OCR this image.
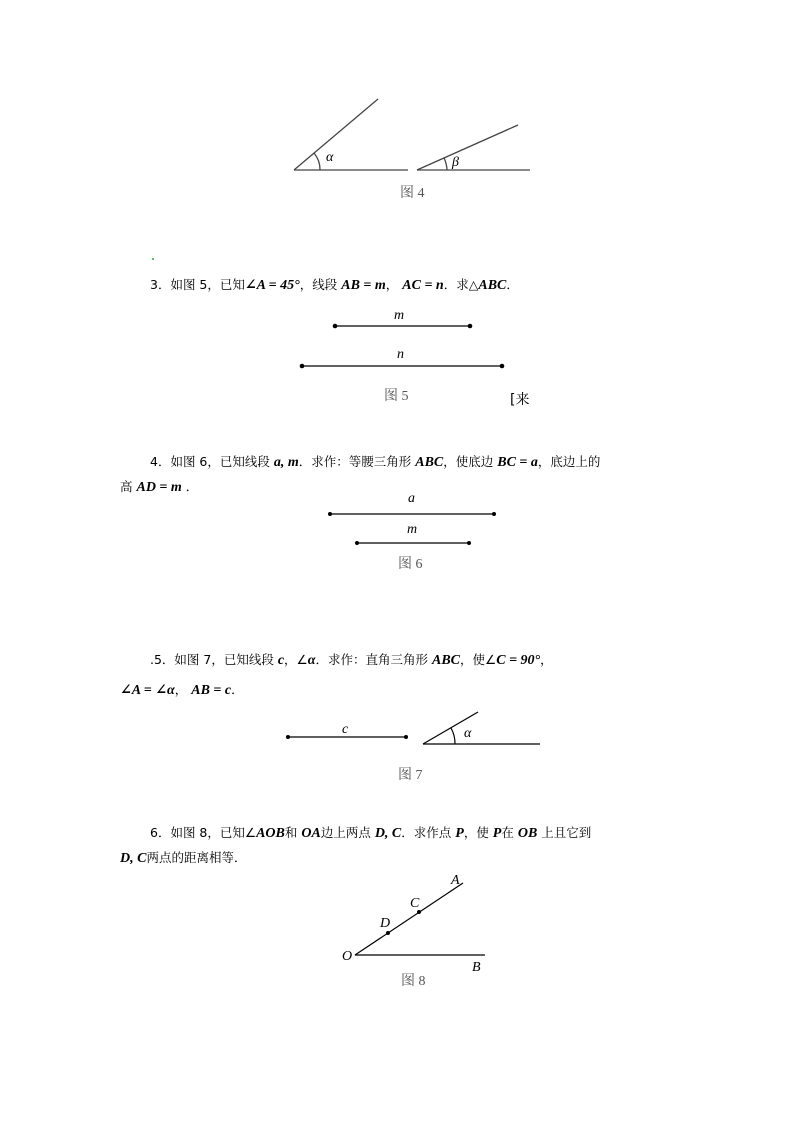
α	β
图 4
m
n
图 5	[来
a
m
图 6
c	α
图 7
A
C
D
O
B
图 8
3．如图 5，已知∠A = 45°，线段 AB = m， AC = n．求△ABC．
4．如图 6，已知线段 a, m．求作：等腰三角形 ABC，使底边 BC = a，底边上的
高 AD = m ．
.5．如图 7，已知线段 c，∠α．求作：直角三角形 ABC，使∠C = 90°，
∠A = ∠α， AB = c．
6．如图 8，已知∠AOB和 OA边上两点 D, C．求作点 P，使 P在 OB 上且它到
D, C两点的距离相等．
